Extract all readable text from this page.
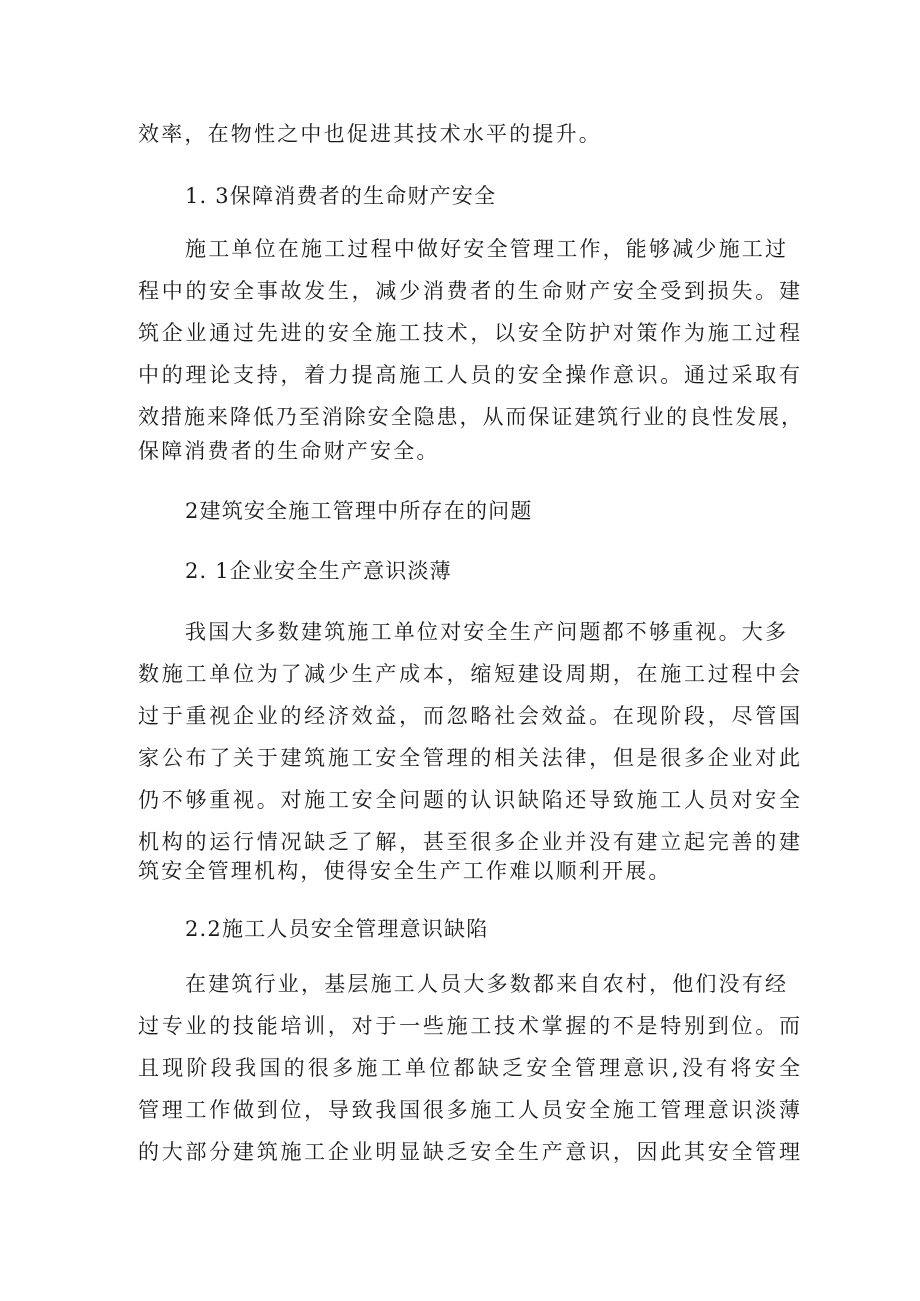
效率，在物性之中也促进其技术水平的提升。
1. 3保障消费者的生命财产安全
施工单位在施工过程中做好安全管理工作，能够减少施工过
程中的安全事故发生，减少消费者的生命财产安全受到损失。建
筑企业通过先进的安全施工技术，以安全防护对策作为施工过程
中的理论支持，着力提高施工人员的安全操作意识。通过采取有
效措施来降低乃至消除安全隐患，从而保证建筑行业的良性发展，
保障消费者的生命财产安全。
2建筑安全施工管理中所存在的问题
2. 1企业安全生产意识淡薄
我国大多数建筑施工单位对安全生产问题都不够重视。大多
数施工单位为了减少生产成本，缩短建设周期，在施工过程中会
过于重视企业的经济效益，而忽略社会效益。在现阶段，尽管国
家公布了关于建筑施工安全管理的相关法律，但是很多企业对此
仍不够重视。对施工安全问题的认识缺陷还导致施工人员对安全
机构的运行情况缺乏了解，甚至很多企业并没有建立起完善的建
筑安全管理机构，使得安全生产工作难以顺利开展。
2.2施工人员安全管理意识缺陷
在建筑行业，基层施工人员大多数都来自农村，他们没有经
过专业的技能培训，对于一些施工技术掌握的不是特别到位。而
且现阶段我国的很多施工单位都缺乏安全管理意识,没有将安全
管理工作做到位，导致我国很多施工人员安全施工管理意识淡薄
的大部分建筑施工企业明显缺乏安全生产意识，因此其安全管理
